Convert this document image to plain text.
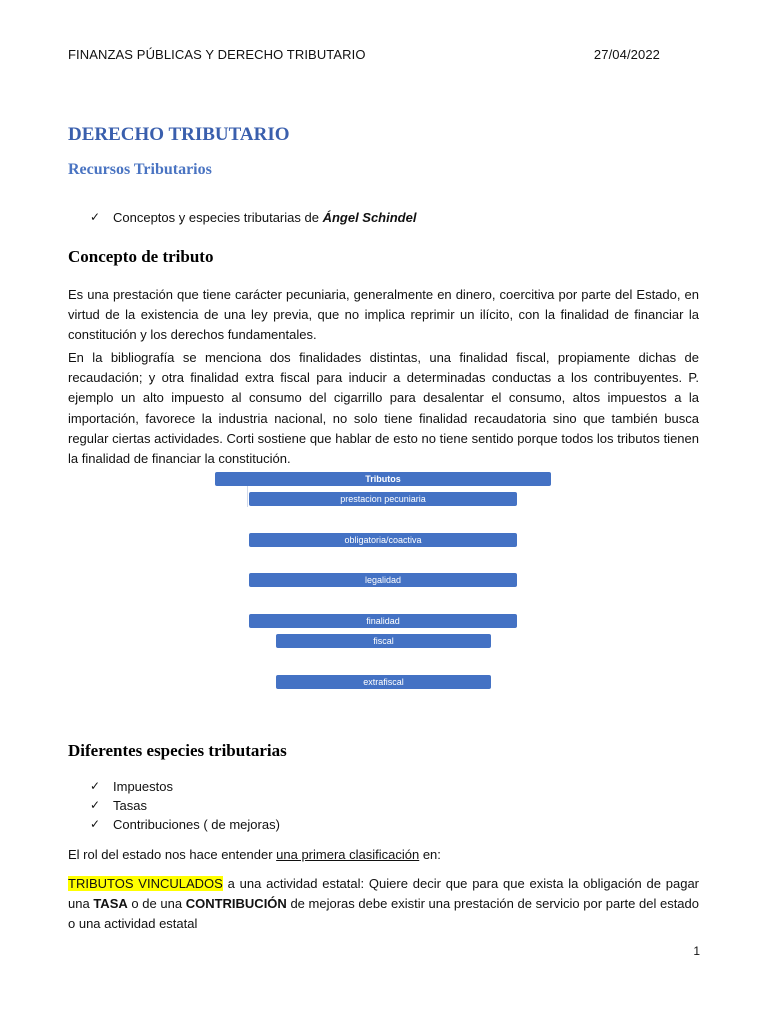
FINANZAS PÚBLICAS Y DERECHO TRIBUTARIO	27/04/2022
DERECHO TRIBUTARIO
Recursos Tributarios
✓ Conceptos y especies tributarias de Ángel Schindel
Concepto de tributo
Es una prestación que tiene carácter pecuniaria, generalmente en dinero, coercitiva por parte del Estado, en virtud de la existencia de una ley previa, que no implica reprimir un ilícito, con la finalidad de financiar la constitución y los derechos fundamentales.
En la bibliografía se menciona dos finalidades distintas, una finalidad fiscal, propiamente dichas de recaudación; y otra finalidad extra fiscal para inducir a determinadas conductas a los contribuyentes. P. ejemplo un alto impuesto al consumo del cigarrillo para desalentar el consumo, altos impuestos a la importación, favorece la industria nacional, no solo tiene finalidad recaudatoria sino que también busca regular ciertas actividades. Corti sostiene que hablar de esto no tiene sentido porque todos los tributos tienen la finalidad de financiar la constitución.
Tributos
prestacion pecuniaria
obligatoria/coactiva
legalidad
finalidad
fiscal
extrafiscal
Diferentes especies tributarias
✓ Impuestos
✓ Tasas
✓ Contribuciones ( de mejoras)
El rol del estado nos hace entender una primera clasificación en:
TRIBUTOS VINCULADOS a una actividad estatal: Quiere decir que para que exista la obligación de pagar una TASA o de una CONTRIBUCIÓN de mejoras debe existir una prestación de servicio por parte del estado o una actividad estatal
1
